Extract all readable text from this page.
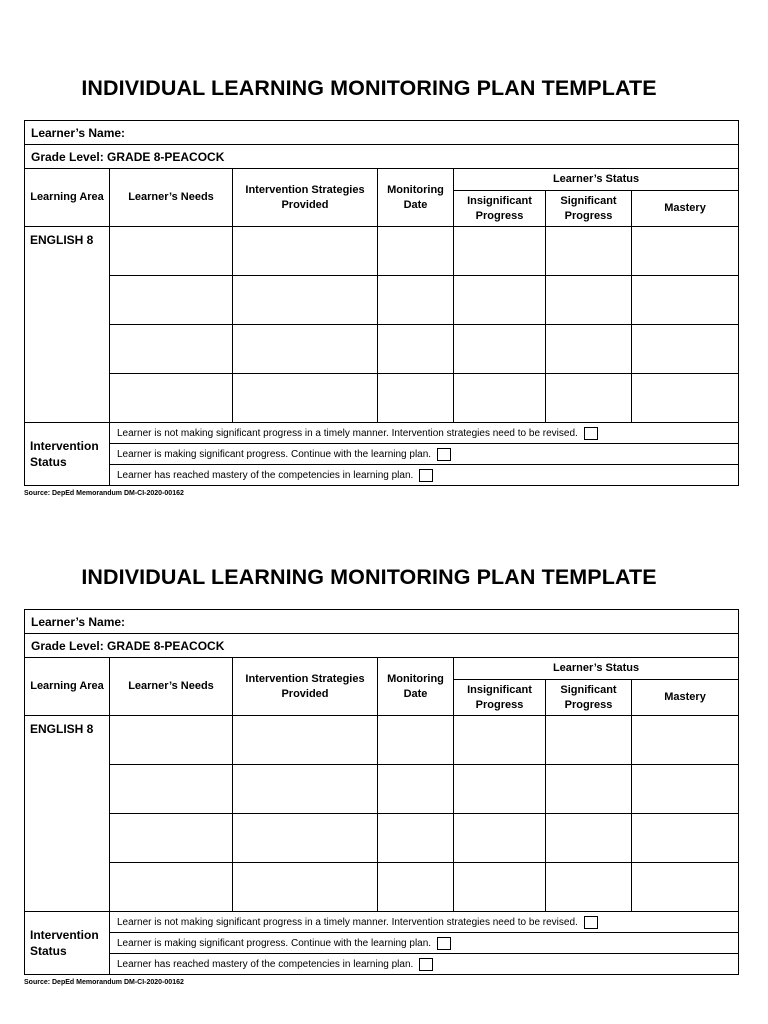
INDIVIDUAL LEARNING MONITORING PLAN TEMPLATE
Learner’s Name:						
Grade Level: GRADE 8-PEACOCK						
Learning Area	Learner’s Needs	Intervention Strategies Provided	Monitoring Date	Learner’s Status		
				Insignificant Progress	Significant Progress	Mastery
ENGLISH 8						

Intervention Status	Learner is not making significant progress in a timely manner. Intervention strategies need to be revised.					
	Learner is making significant progress. Continue with the learning plan.					
	Learner has reached mastery of the competencies in learning plan.					

Source: DepEd Memorandum DM-CI-2020-00162

INDIVIDUAL LEARNING MONITORING PLAN TEMPLATE
Learner’s Name:						
Grade Level: GRADE 8-PEACOCK						
Learning Area	Learner’s Needs	Intervention Strategies Provided	Monitoring Date	Learner’s Status		
				Insignificant Progress	Significant Progress	Mastery
ENGLISH 8						

Intervention Status	Learner is not making significant progress in a timely manner. Intervention strategies need to be revised.					
	Learner is making significant progress. Continue with the learning plan.					
	Learner has reached mastery of the competencies in learning plan.					

Source: DepEd Memorandum DM-CI-2020-00162
